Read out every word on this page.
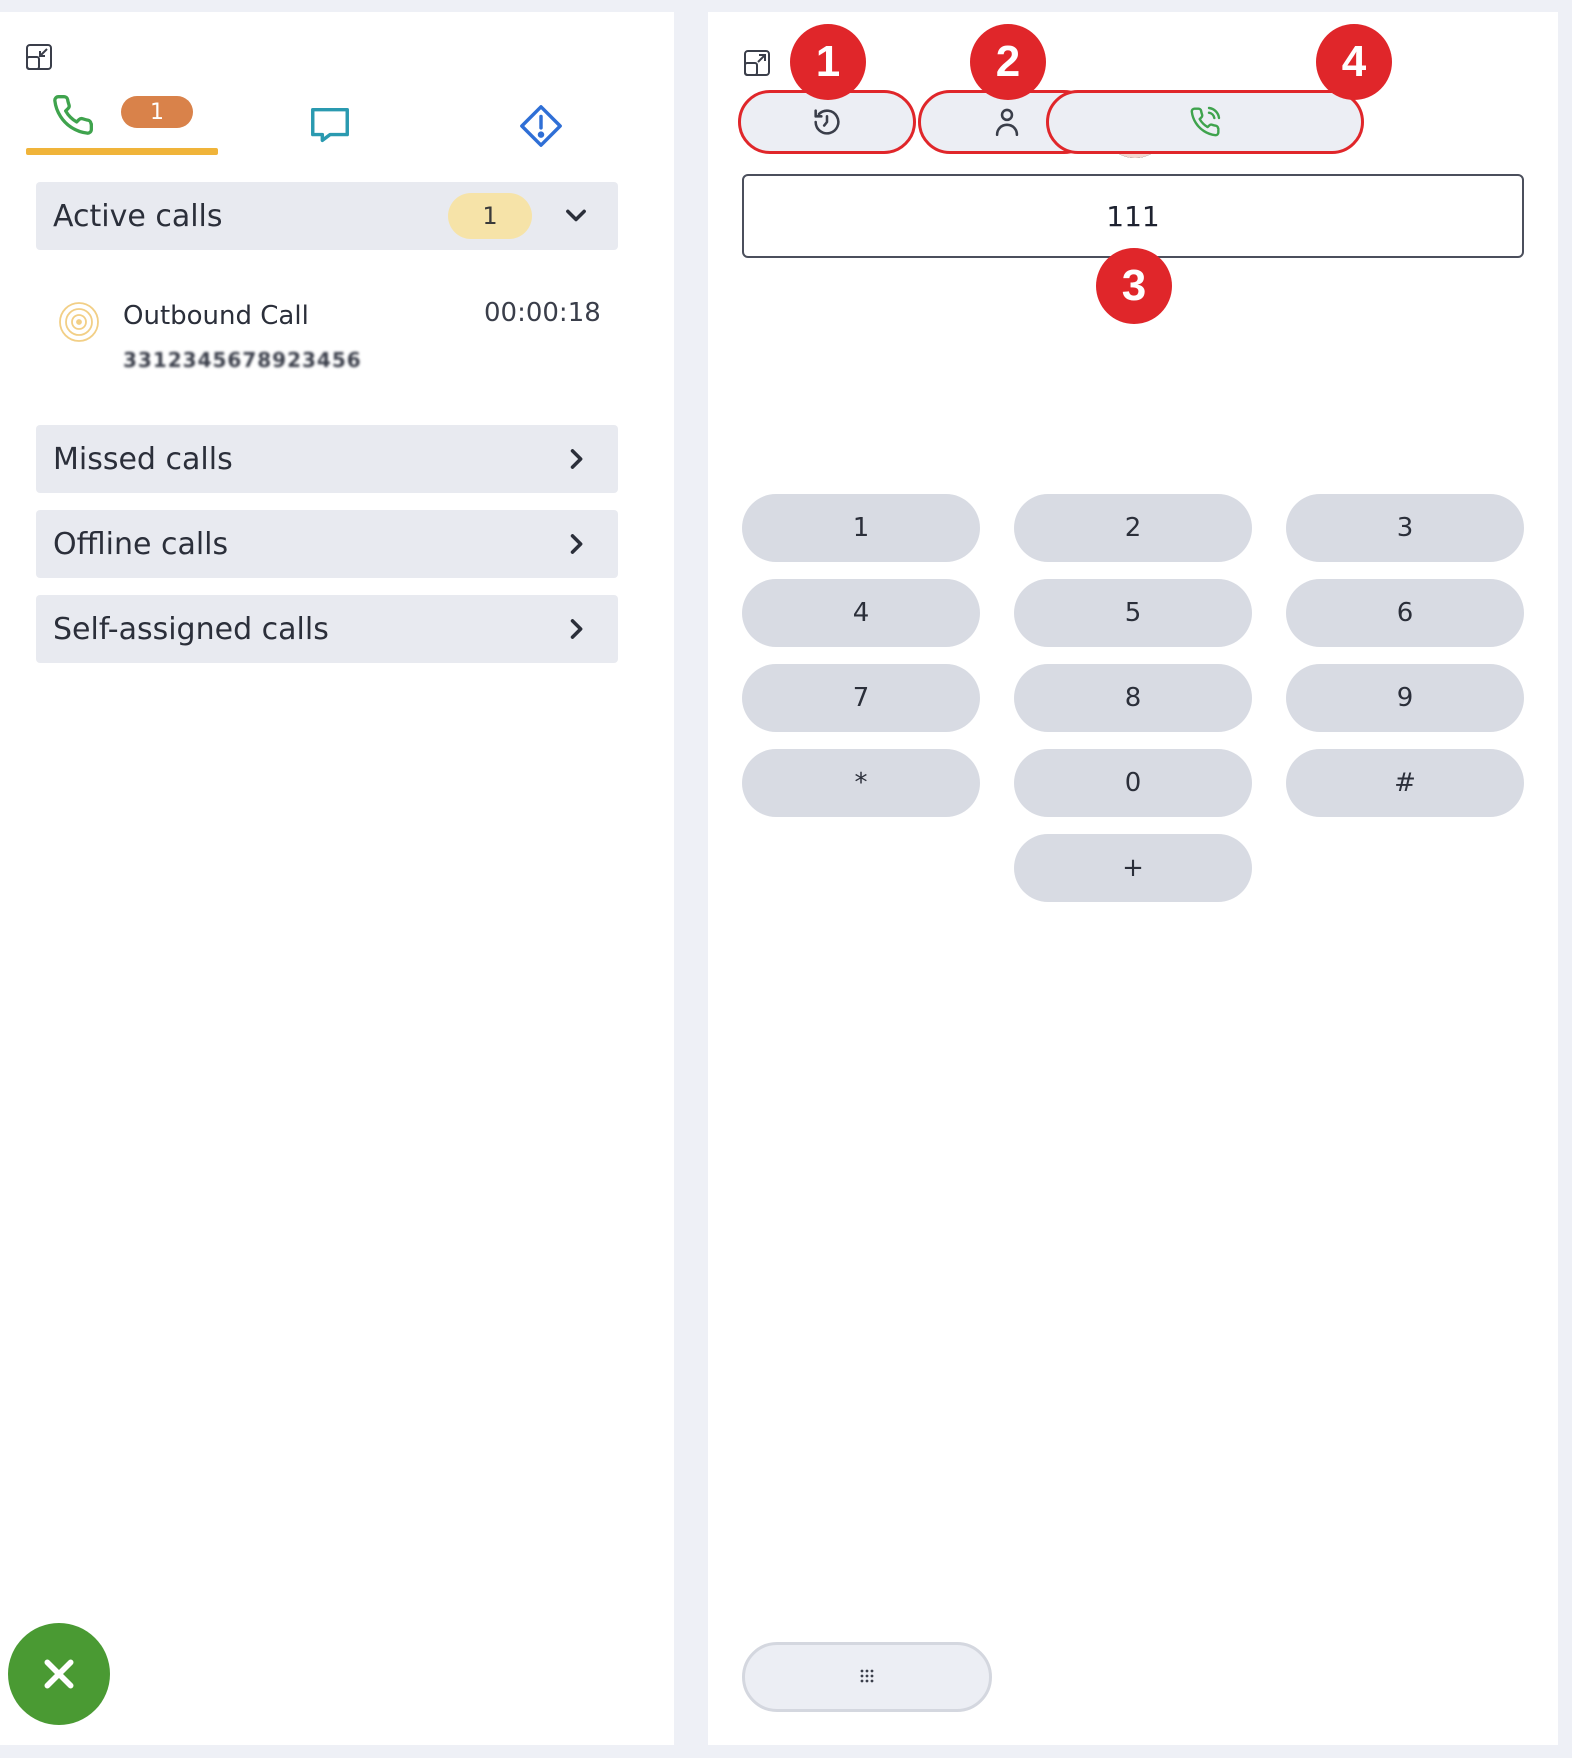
1
Active calls	1
Outbound Call	00:00:18
3312345678923456
Missed calls
Offline calls
Self-assigned calls
1	2	4
111
3
1	2	3
4	5	6
7	8	9
*	0	#
+
